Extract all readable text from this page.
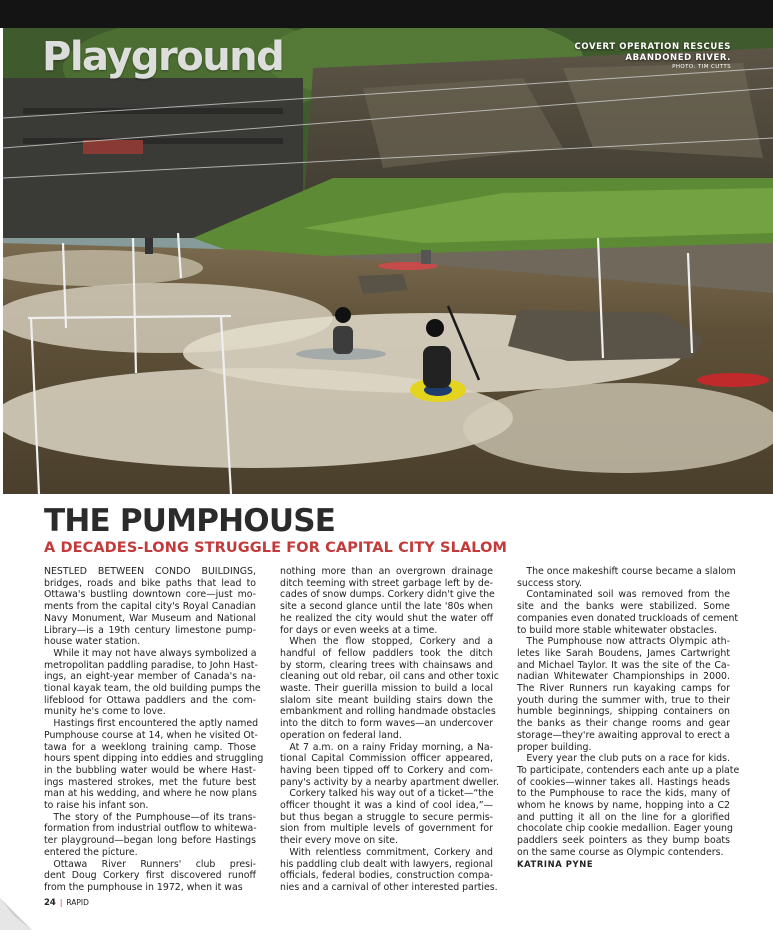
Playground	COVERT OPERATION RESCUES
ABANDONED RIVER.
PHOTO: TIM CUTTS
THE PUMPHOUSE
A DECADES-LONG STRUGGLE FOR CAPITAL CITY SLALOM
NESTLED BETWEEN CONDO BUILDINGS,
bridges, roads and bike paths that lead to
Ottawa's bustling downtown core—just mo-
ments from the capital city's Royal Canadian
Navy Monument, War Museum and National
Library—is a 19th century limestone pump-
house water station.
 While it may not have always symbolized a
metropolitan paddling paradise, to John Hast-
ings, an eight-year member of Canada's na-
tional kayak team, the old building pumps the
lifeblood for Ottawa paddlers and the com-
munity he's come to love.
 Hastings first encountered the aptly named
Pumphouse course at 14, when he visited Ot-
tawa for a weeklong training camp. Those
hours spent dipping into eddies and struggling
in the bubbling water would be where Hast-
ings mastered strokes, met the future best
man at his wedding, and where he now plans
to raise his infant son.
 The story of the Pumphouse—of its trans-
formation from industrial outflow to whitewa-
ter playground—began long before Hastings
entered the picture.
 Ottawa River Runners' club presi-
dent Doug Corkery first discovered runoff
from the pumphouse in 1972, when it was
nothing more than an overgrown drainage
ditch teeming with street garbage left by de-
cades of snow dumps. Corkery didn't give the
site a second glance until the late '80s when
he realized the city would shut the water off
for days or even weeks at a time.
 When the flow stopped, Corkery and a
handful of fellow paddlers took the ditch
by storm, clearing trees with chainsaws and
cleaning out old rebar, oil cans and other toxic
waste. Their guerilla mission to build a local
slalom site meant building stairs down the
embankment and rolling handmade obstacles
into the ditch to form waves—an undercover
operation on federal land.
 At 7 a.m. on a rainy Friday morning, a Na-
tional Capital Commission officer appeared,
having been tipped off to Corkery and com-
pany's activity by a nearby apartment dweller.
 Corkery talked his way out of a ticket—“the
officer thought it was a kind of cool idea,”—
but thus began a struggle to secure permis-
sion from multiple levels of government for
their every move on site.
 With relentless commitment, Corkery and
his paddling club dealt with lawyers, regional
officials, federal bodies, construction compa-
nies and a carnival of other interested parties.
 The once makeshift course became a slalom
success story.
 Contaminated soil was removed from the
site and the banks were stabilized. Some
companies even donated truckloads of cement
to build more stable whitewater obstacles.
 The Pumphouse now attracts Olympic ath-
letes like Sarah Boudens, James Cartwright
and Michael Taylor. It was the site of the Ca-
nadian Whitewater Championships in 2000.
The River Runners run kayaking camps for
youth during the summer with, true to their
humble beginnings, shipping containers on
the banks as their change rooms and gear
storage—they're awaiting approval to erect a
proper building.
 Every year the club puts on a race for kids.
To participate, contenders each ante up a plate
of cookies—winner takes all. Hastings heads
to the Pumphouse to race the kids, many of
whom he knows by name, hopping into a C2
and putting it all on the line for a glorified
chocolate chip cookie medallion. Eager young
paddlers seek pointers as they bump boats
on the same course as Olympic contenders.
KATRINA PYNE
24 | RAPID
